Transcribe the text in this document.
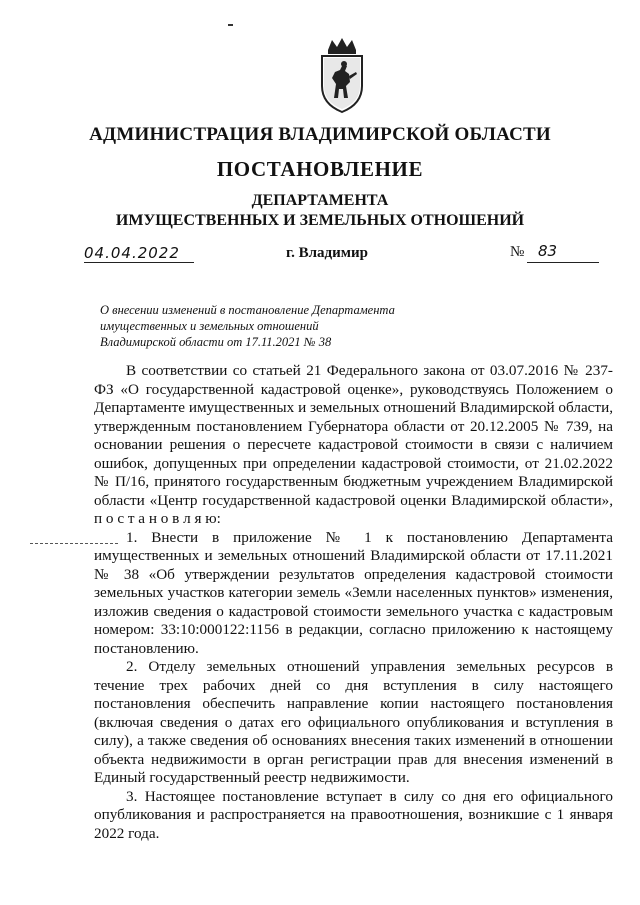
АДМИНИСТРАЦИЯ ВЛАДИМИРСКОЙ ОБЛАСТИ
ПОСТАНОВЛЕНИЕ
ДЕПАРТАМЕНТА
ИМУЩЕСТВЕННЫХ И ЗЕМЕЛЬНЫХ ОТНОШЕНИЙ
04.04.2022	г. Владимир	№ 83
О внесении изменений в постановление Департамента
имущественных и земельных отношений
Владимирской области от 17.11.2021 № 38

В соответствии со статьей 21 Федерального закона от 03.07.2016 № 237-ФЗ «О государственной кадастровой оценке», руководствуясь Положением о Департаменте имущественных и земельных отношений Владимирской области, утвержденным постановлением Губернатора области от 20.12.2005 № 739, на основании решения о пересчете кадастровой стоимости в связи с наличием ошибок, допущенных при определении кадастровой стоимости, от 21.02.2022 № П/16, принятого государственным бюджетным учреждением Владимирской области «Центр государственной кадастровой оценки Владимирской области», п о с т а н о в л я ю:

1. Внести в приложение № 1 к постановлению Департамента имущественных и земельных отношений Владимирской области от 17.11.2021 № 38 «Об утверждении результатов определения кадастровой стоимости земельных участков категории земель «Земли населенных пунктов» изменения, изложив сведения о кадастровой стоимости земельного участка с кадастровым номером: 33:10:000122:1156 в редакции, согласно приложению к настоящему постановлению.

2. Отделу земельных отношений управления земельных ресурсов в течение трех рабочих дней со дня вступления в силу настоящего постановления обеспечить направление копии настоящего постановления (включая сведения о датах его официального опубликования и вступления в силу), а также сведения об основаниях внесения таких изменений в отношении объекта недвижимости в орган регистрации прав для внесения изменений в Единый государственный реестр недвижимости.

3. Настоящее постановление вступает в силу со дня его официального опубликования и распространяется на правоотношения, возникшие с 1 января 2022 года.
